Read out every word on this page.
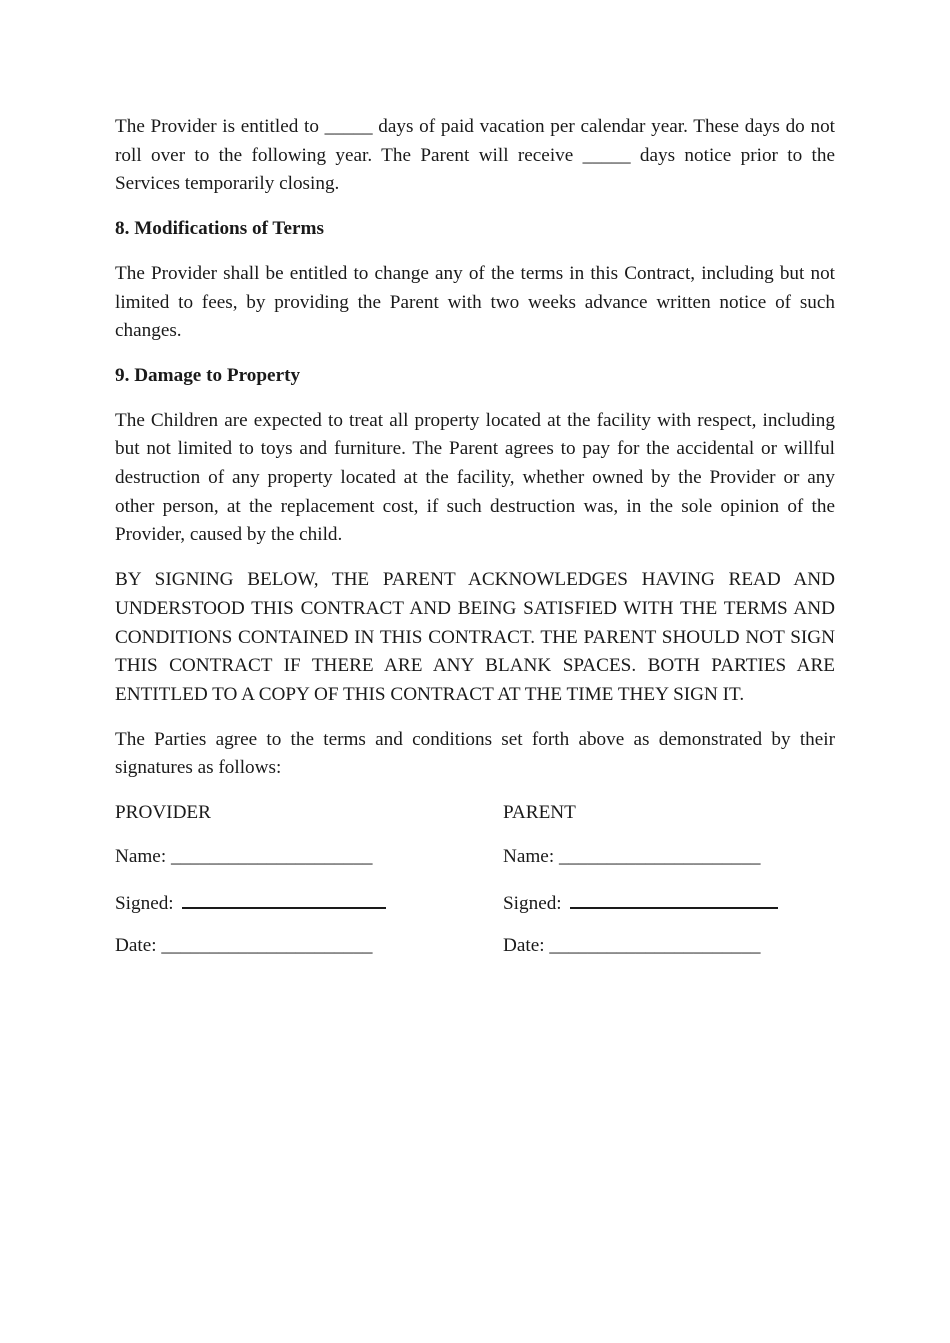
The Provider is entitled to _____ days of paid vacation per calendar year. These days do not roll over to the following year. The Parent will receive _____ days notice prior to the Services temporarily closing.

8. Modifications of Terms

The Provider shall be entitled to change any of the terms in this Contract, including but not limited to fees, by providing the Parent with two weeks advance written notice of such changes.

9. Damage to Property

The Children are expected to treat all property located at the facility with respect, including but not limited to toys and furniture. The Parent agrees to pay for the accidental or willful destruction of any property located at the facility, whether owned by the Provider or any other person, at the replacement cost, if such destruction was, in the sole opinion of the Provider, caused by the child.

BY SIGNING BELOW, THE PARENT ACKNOWLEDGES HAVING READ AND UNDERSTOOD THIS CONTRACT AND BEING SATISFIED WITH THE TERMS AND CONDITIONS CONTAINED IN THIS CONTRACT. THE PARENT SHOULD NOT SIGN THIS CONTRACT IF THERE ARE ANY BLANK SPACES. BOTH PARTIES ARE ENTITLED TO A COPY OF THIS CONTRACT AT THE TIME THEY SIGN IT.

The Parties agree to the terms and conditions set forth above as demonstrated by their signatures as follows:

PROVIDER
Name: _____________________
Signed:
Date: ______________________
PARENT
Name: _____________________
Signed:
Date: ______________________
